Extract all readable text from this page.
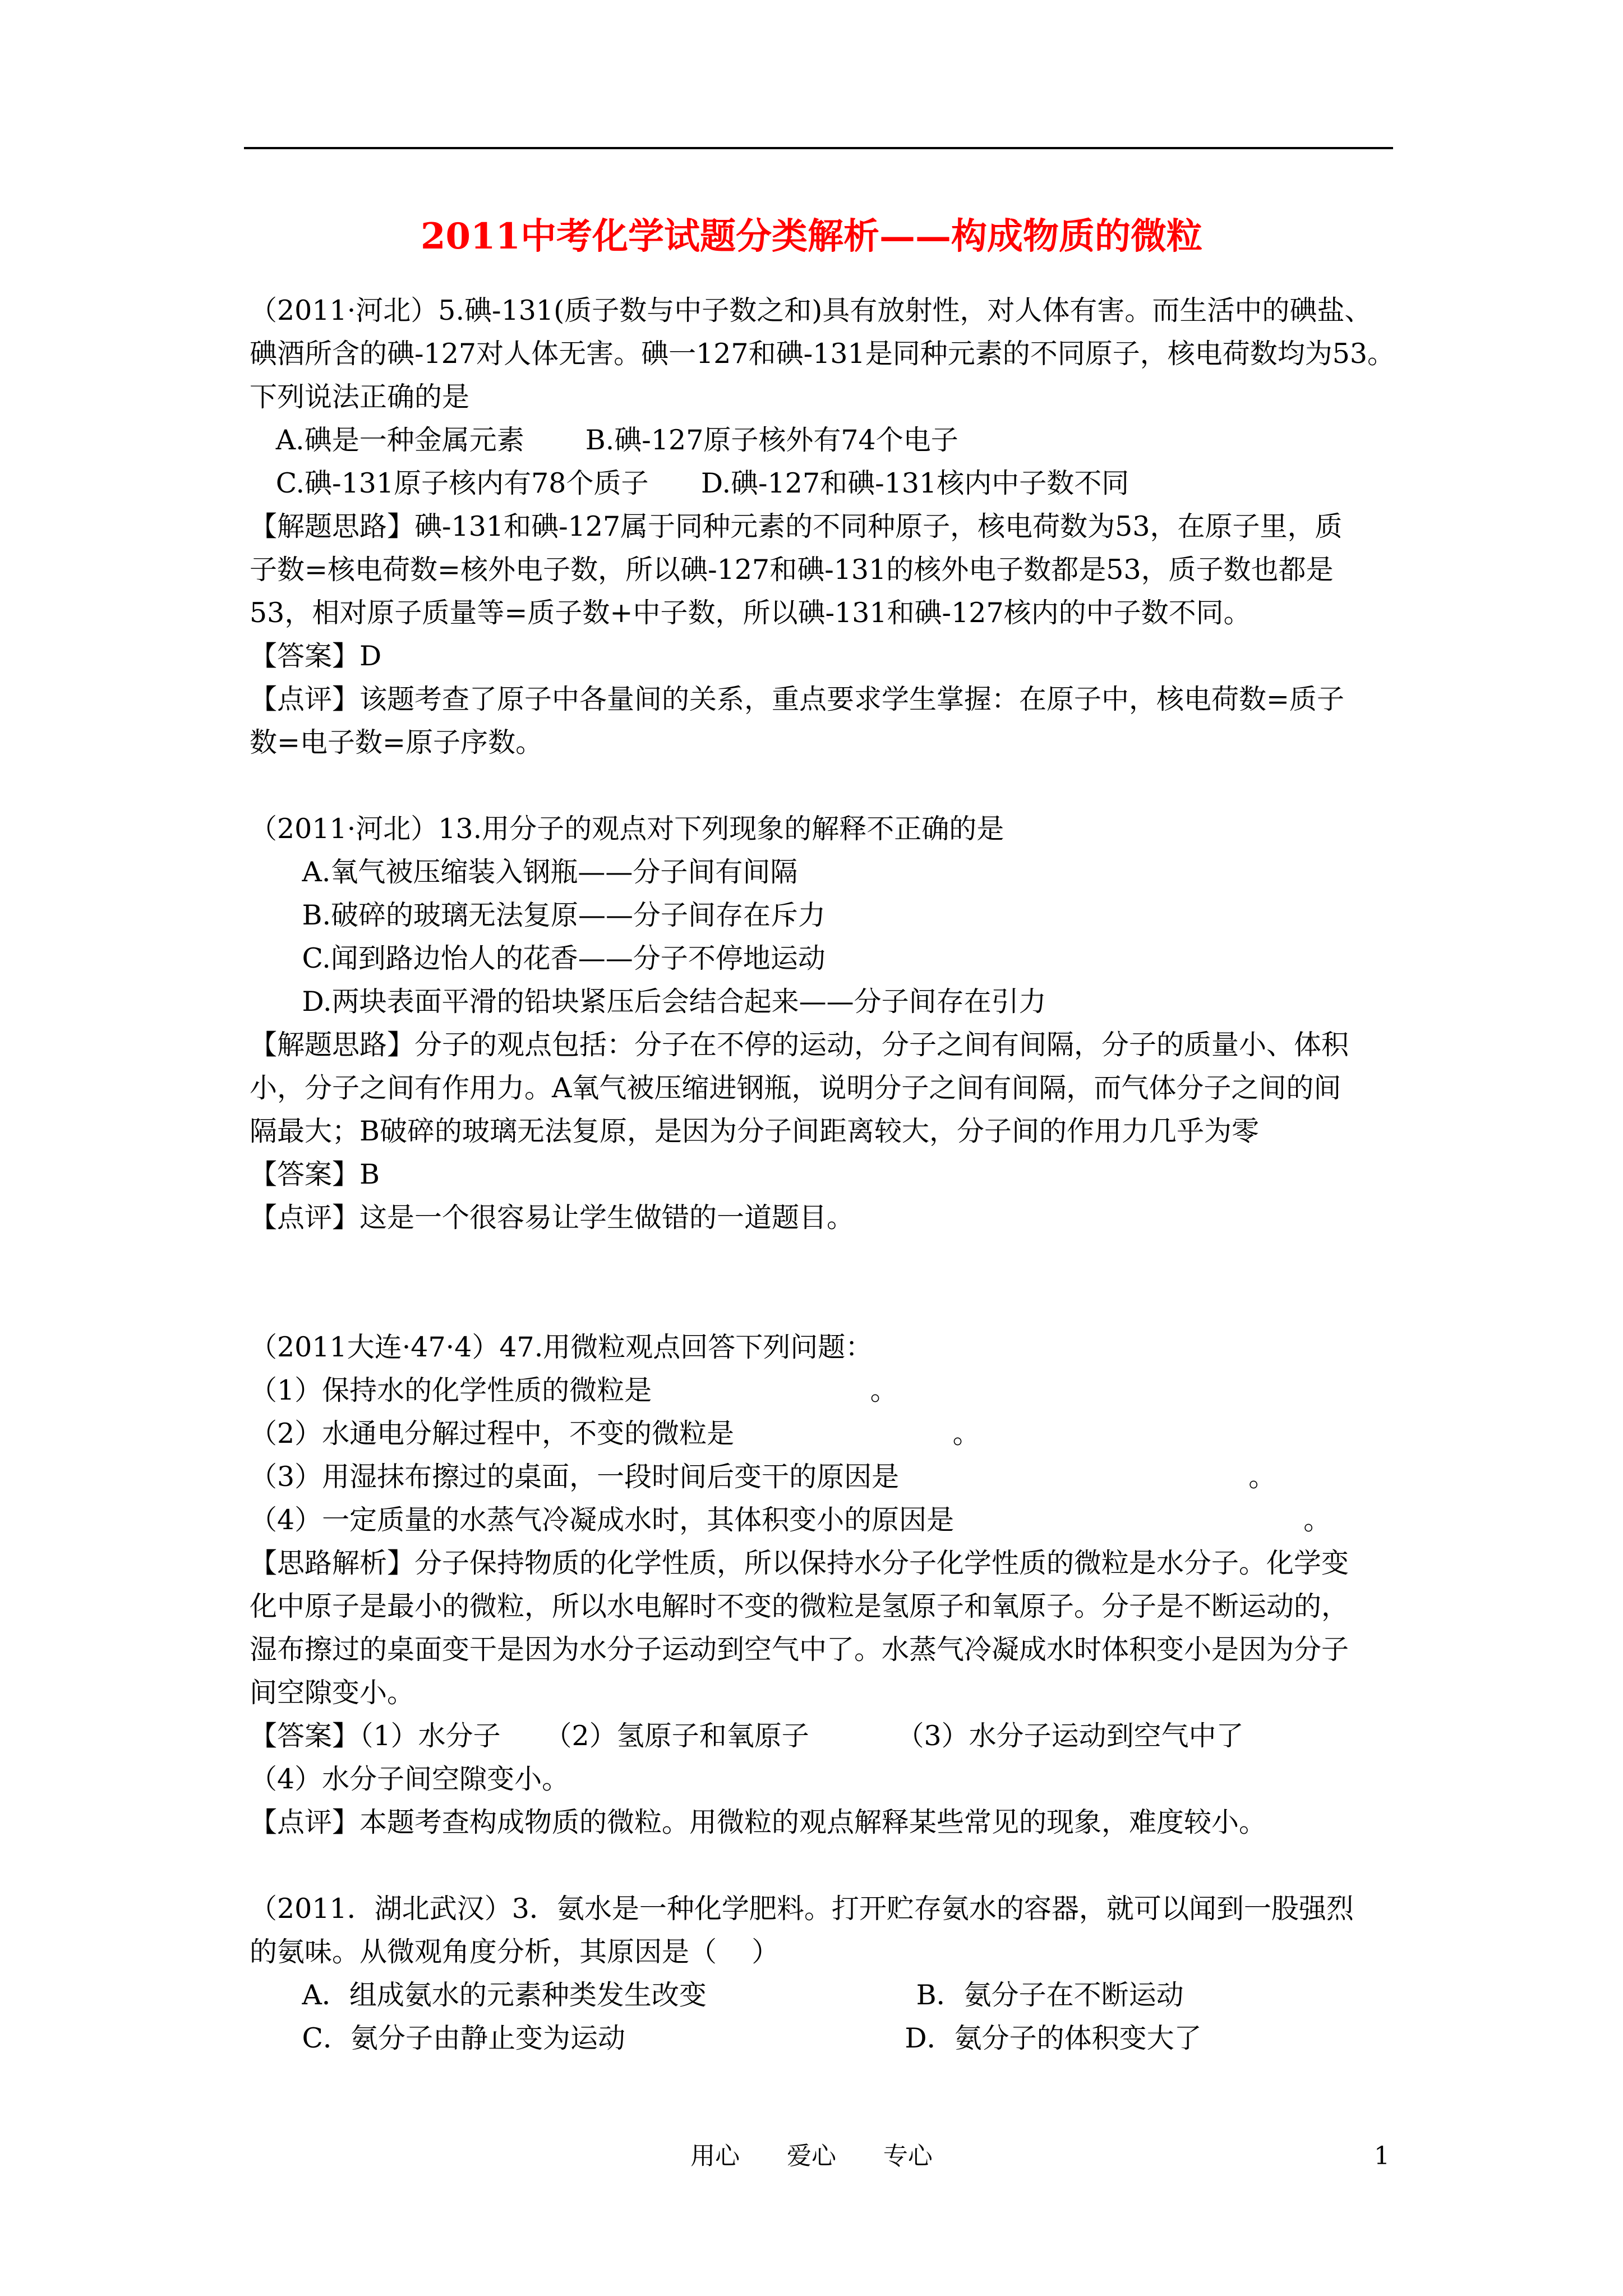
2011中考化学试题分类解析——构成物质的微粒

（2011·河北）5.碘-131(质子数与中子数之和)具有放射性，对人体有害。而生活中的碘盐、

碘酒所含的碘-127对人体无害。碘一127和碘-131是同种元素的不同原子，核电荷数均为53。

下列说法正确的是

A.碘是一种金属元素       B.碘-127原子核外有74个电子

C.碘-131原子核内有78个质子      D.碘-127和碘-131核内中子数不同

【解题思路】碘-131和碘-127属于同种元素的不同种原子，核电荷数为53，在原子里，质

子数=核电荷数=核外电子数，所以碘-127和碘-131的核外电子数都是53，质子数也都是

53，相对原子质量等=质子数+中子数，所以碘-131和碘-127核内的中子数不同。

【答案】D

【点评】该题考查了原子中各量间的关系，重点要求学生掌握：在原子中，核电荷数=质子

数=电子数=原子序数。

（2011·河北）13.用分子的观点对下列现象的解释不正确的是

A.氧气被压缩装入钢瓶——分子间有间隔

B.破碎的玻璃无法复原——分子间存在斥力

C.闻到路边怡人的花香——分子不停地运动

D.两块表面平滑的铅块紧压后会结合起来——分子间存在引力

【解题思路】分子的观点包括：分子在不停的运动，分子之间有间隔，分子的质量小、体积

小，分子之间有作用力。A氧气被压缩进钢瓶，说明分子之间有间隔，而气体分子之间的间

隔最大；B破碎的玻璃无法复原，是因为分子间距离较大，分子间的作用力几乎为零

【答案】B

【点评】这是一个很容易让学生做错的一道题目。

（2011大连·47·4）47.用微粒观点回答下列问题：

（1）保持水的化学性质的微粒是                         。

（2）水通电分解过程中，不变的微粒是                         。

（3）用湿抹布擦过的桌面，一段时间后变干的原因是                                        。

（4）一定质量的水蒸气冷凝成水时，其体积变小的原因是                                        。

【思路解析】分子保持物质的化学性质，所以保持水分子化学性质的微粒是水分子。化学变

化中原子是最小的微粒，所以水电解时不变的微粒是氢原子和氧原子。分子是不断运动的，

湿布擦过的桌面变干是因为水分子运动到空气中了。水蒸气冷凝成水时体积变小是因为分子

间空隙变小。

【答案】（1）水分子     （2）氢原子和氧原子          （3）水分子运动到空气中了

（4）水分子间空隙变小。

【点评】本题考查构成物质的微粒。用微粒的观点解释某些常见的现象，难度较小。

（2011．湖北武汉）3．氨水是一种化学肥料。打开贮存氨水的容器，就可以闻到一股强烈

的氨味。从微观角度分析，其原因是（    ）

A．组成氨水的元素种类发生改变                        B．氨分子在不断运动

C．氨分子由静止变为运动                                D．氨分子的体积变大了

用心      爱心      专心	1
